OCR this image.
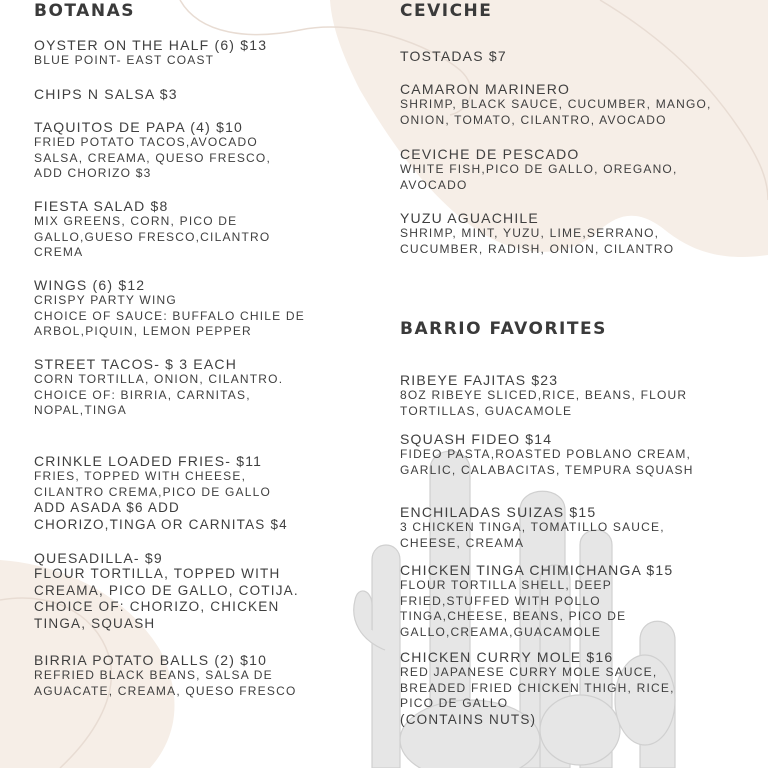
BOTANAS
OYSTER ON THE HALF (6) $13
BLUE POINT- EAST COAST
CHIPS N SALSA $3
TAQUITOS DE PAPA (4) $10
FRIED POTATO TACOS,AVOCADO
SALSA, CREAMA, QUESO FRESCO,
ADD CHORIZO $3
FIESTA SALAD $8
MIX GREENS, CORN, PICO DE
GALLO,GUESO FRESCO,CILANTRO
CREMA
WINGS (6) $12
CRISPY PARTY WING
CHOICE OF SAUCE: BUFFALO CHILE DE
ARBOL,PIQUIN, LEMON PEPPER
STREET TACOS- $ 3 EACH
CORN TORTILLA, ONION, CILANTRO.
CHOICE OF: BIRRIA, CARNITAS,
NOPAL,TINGA
CRINKLE LOADED FRIES- $11
FRIES, TOPPED WITH CHEESE,
CILANTRO CREMA,PICO DE GALLO
ADD ASADA $6 ADD
CHORIZO,TINGA OR CARNITAS $4
QUESADILLA- $9
FLOUR TORTILLA, TOPPED WITH
CREAMA, PICO DE GALLO, COTIJA.
CHOICE OF: CHORIZO, CHICKEN
TINGA, SQUASH
BIRRIA POTATO BALLS (2) $10
REFRIED BLACK BEANS, SALSA DE
AGUACATE, CREAMA, QUESO FRESCO
CEVICHE
TOSTADAS $7
CAMARON MARINERO
SHRIMP, BLACK SAUCE, CUCUMBER, MANGO,
ONION, TOMATO, CILANTRO, AVOCADO
CEVICHE DE PESCADO
WHITE FISH,PICO DE GALLO, OREGANO,
AVOCADO
YUZU AGUACHILE
SHRIMP, MINT, YUZU, LIME,SERRANO,
CUCUMBER, RADISH, ONION, CILANTRO
BARRIO FAVORITES
RIBEYE FAJITAS $23
8OZ RIBEYE SLICED,RICE, BEANS, FLOUR
TORTILLAS, GUACAMOLE
SQUASH FIDEO $14
FIDEO PASTA,ROASTED POBLANO CREAM,
GARLIC, CALABACITAS, TEMPURA SQUASH
ENCHILADAS SUIZAS $15
3 CHICKEN TINGA, TOMATILLO SAUCE,
CHEESE, CREAMA
CHICKEN TINGA CHIMICHANGA $15
FLOUR TORTILLA SHELL, DEEP
FRIED,STUFFED WITH POLLO
TINGA,CHEESE, BEANS, PICO DE
GALLO,CREAMA,GUACAMOLE
CHICKEN CURRY MOLE $16
RED JAPANESE CURRY MOLE SAUCE,
BREADED FRIED CHICKEN THIGH, RICE,
PICO DE GALLO
(CONTAINS NUTS)
